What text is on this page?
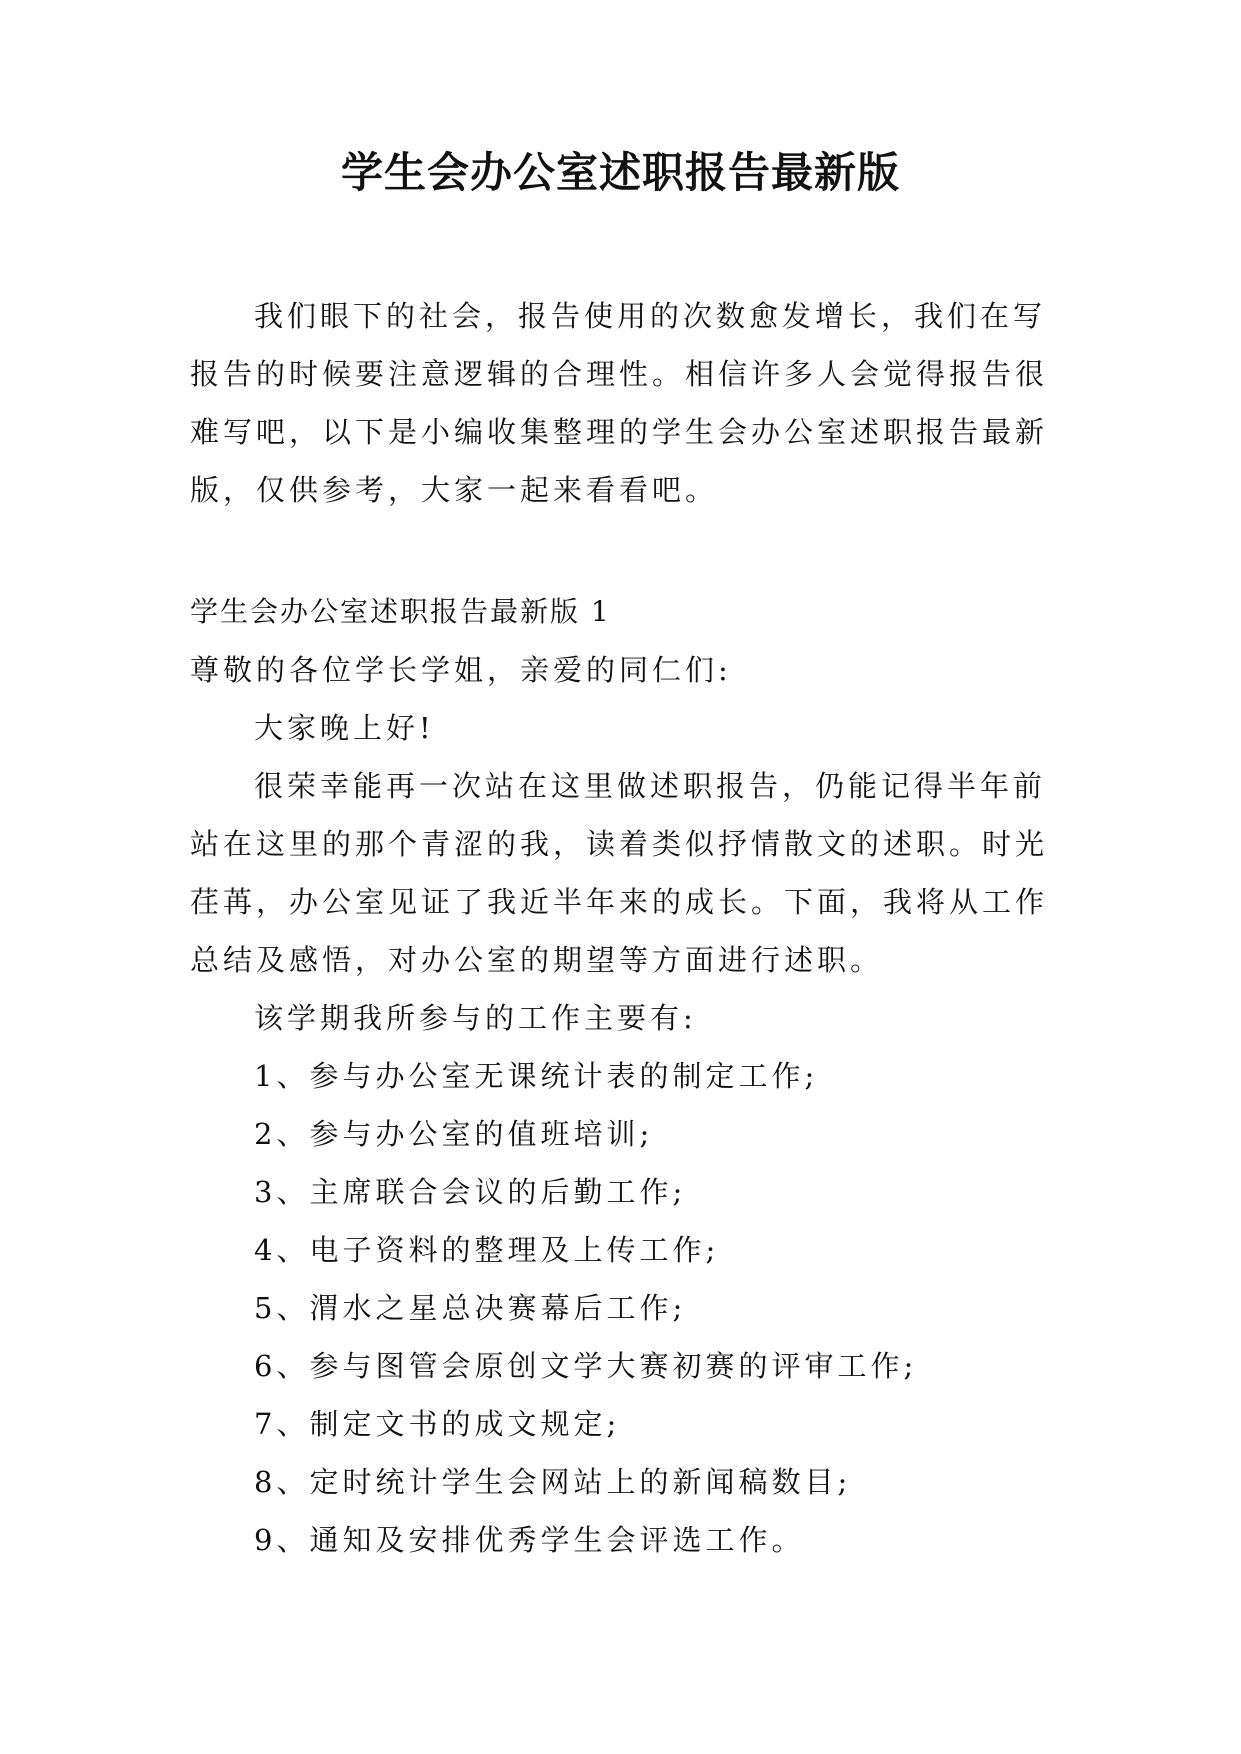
学生会办公室述职报告最新版

我们眼下的社会，报告使用的次数愈发增长，我们在写报告的时候要注意逻辑的合理性。相信许多人会觉得报告很难写吧，以下是小编收集整理的学生会办公室述职报告最新版，仅供参考，大家一起来看看吧。

学生会办公室述职报告最新版 1

尊敬的各位学长学姐，亲爱的同仁们:

大家晚上好!

很荣幸能再一次站在这里做述职报告，仍能记得半年前站在这里的那个青涩的我，读着类似抒情散文的述职。时光荏苒，办公室见证了我近半年来的成长。下面，我将从工作总结及感悟，对办公室的期望等方面进行述职。

该学期我所参与的工作主要有:

1、参与办公室无课统计表的制定工作;

2、参与办公室的值班培训;

3、主席联合会议的后勤工作;

4、电子资料的整理及上传工作;

5、渭水之星总决赛幕后工作;

6、参与图管会原创文学大赛初赛的评审工作;

7、制定文书的成文规定;

8、定时统计学生会网站上的新闻稿数目;

9、通知及安排优秀学生会评选工作。
